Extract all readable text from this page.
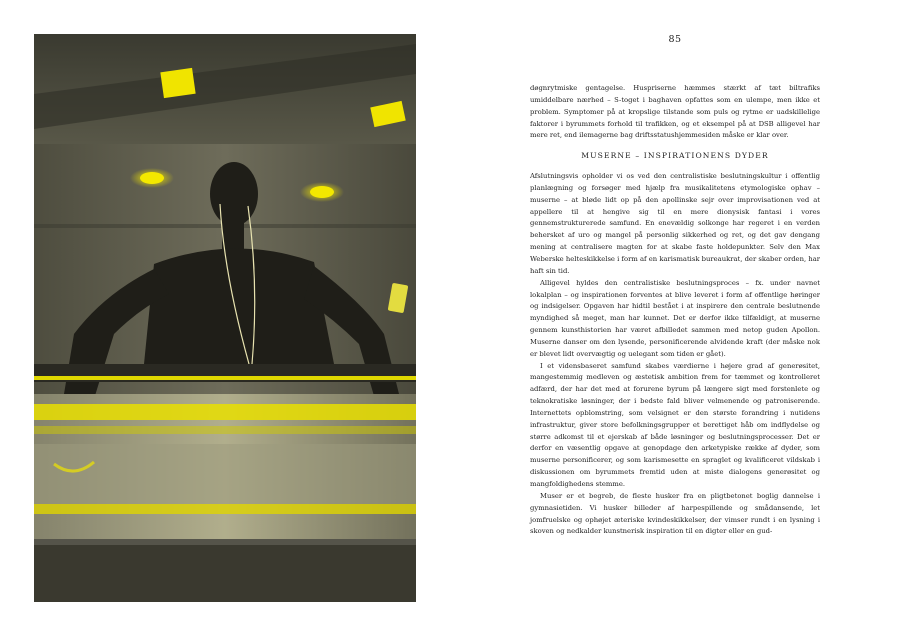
85

døgnrytmiske gentagelse. Huspriserne hæmmes stærkt af tæt biltrafiks umiddelbare nærhed – S-toget i baghaven opfattes som en ulempe, men ikke et problem. Symptomer på at kropslige tilstande som puls og rytme er uadskillelige faktorer i byrummets forhold til trafikken, og et eksempel på at DSB alligevel har mere ret, end ilemagerne bag driftsstatushjemmesiden måske er klar over.

MUSERNE – INSPIRATIONENS DYDER

Afslutningsvis opholder vi os ved den centralistiske beslutningskultur i offentlig planlægning og forsøger med hjælp fra musikalitetens etymologiske ophav – muserne – at bløde lidt op på den apollinske sejr over improvisationen ved at appellere til at hengive sig til en mere dionysisk fantasi i vores gennemstrukturerede samfund. En enevældig solkonge har regeret i en verden behersket af uro og mangel på personlig sikkerhed og ret, og det gav dengang mening at centralisere magten for at skabe faste holdepunkter. Selv den Max Weberske helteskikkelse i form af en karismatisk bureaukrat, der skaber orden, har haft sin tid.

Alligevel hyldes den centralistiske beslutningsproces – fx. under navnet lokalplan – og inspirationen forventes at blive leveret i form af offentlige høringer og indsigelser. Opgaven har hidtil bestået i at inspirere den centrale beslutnende myndighed så meget, man har kunnet. Det er derfor ikke tilfældigt, at muserne gennem kunsthistorien har været afbilledet sammen med netop guden Apollon. Muserne danser om den lysende, personificerende alvidende kraft (der måske nok er blevet lidt overvægtig og uelegant som tiden er gået).

I et vidensbaseret samfund skabes værdierne i højere grad af generøsitet, mangestemmig medleven og æstetisk ambition frem for tæmmet og kontrolleret adfærd, der har det med at forurene byrum på længere sigt med forstenlete og teknokratiske løsninger, der i bedste fald bliver velmenende og patroniserende. Internettets opblomstring, som velsignet er den største forandring i nutidens infrastruktur, giver store befolkningsgrupper et berettiget håb om indflydelse og større adkomst til et ejerskab af både løsninger og beslutningsprocesser. Det er derfor en væsentlig opgave at genopdage den arketypiske række af dyder, som muserne personificerer, og som karismesette en spraglet og kvalificeret vildskab i diskussionen om byrummets fremtid uden at miste dialogens generøsitet og mangfoldighedens stemme.

Muser er et begreb, de fleste husker fra en pligtbetonet boglig dannelse i gymnasietiden. Vi husker billeder af harpespillende og smådansende, let jomfruelske og ophøjet æteriske kvindeskikkelser, der vimser rundt i en lysning i skoven og nedkalder kunstnerisk inspiration til en digter eller en gud-
